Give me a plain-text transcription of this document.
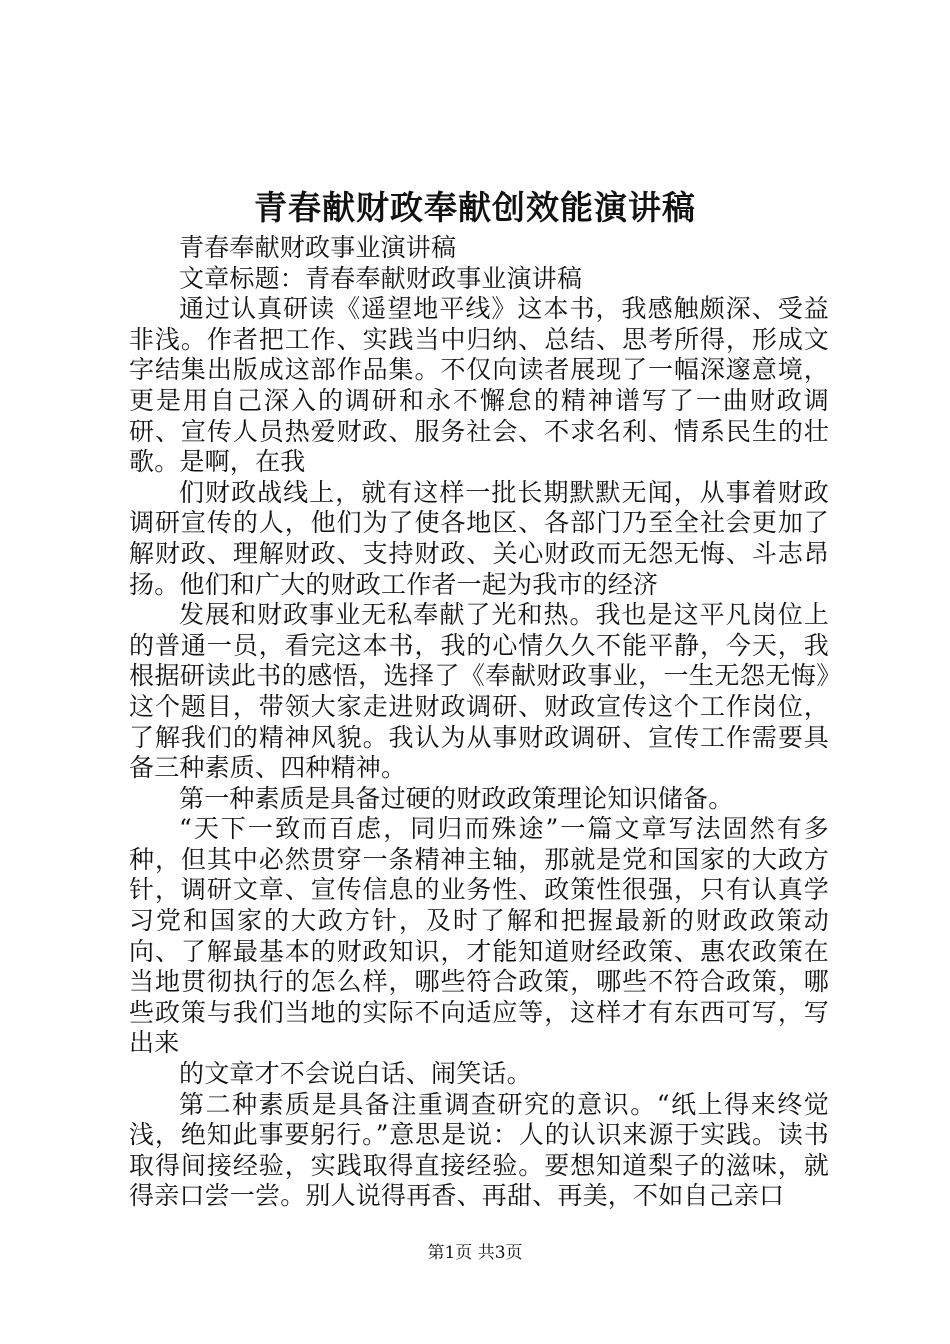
青春献财政奉献创效能演讲稿

青春奉献财政事业演讲稿

文章标题：青春奉献财政事业演讲稿

通过认真研读《遥望地平线》这本书，我感触颇深、受益非浅。作者把工作、实践当中归纳、总结、思考所得，形成文字结集出版成这部作品集。不仅向读者展现了一幅深邃意境，更是用自己深入的调研和永不懈怠的精神谱写了一曲财政调研、宣传人员热爱财政、服务社会、不求名利、情系民生的壮歌。是啊，在我

们财政战线上，就有这样一批长期默默无闻，从事着财政调研宣传的人，他们为了使各地区、各部门乃至全社会更加了解财政、理解财政、支持财政、关心财政而无怨无悔、斗志昂扬。他们和广大的财政工作者一起为我市的经济

发展和财政事业无私奉献了光和热。我也是这平凡岗位上的普通一员，看完这本书，我的心情久久不能平静，今天，我根据研读此书的感悟，选择了《奉献财政事业，一生无怨无悔》这个题目，带领大家走进财政调研、财政宣传这个工作岗位，了解我们的精神风貌。我认为从事财政调研、宣传工作需要具备三种素质、四种精神。

第一种素质是具备过硬的财政政策理论知识储备。

“天下一致而百虑，同归而殊途”一篇文章写法固然有多种，但其中必然贯穿一条精神主轴，那就是党和国家的大政方针，调研文章、宣传信息的业务性、政策性很强，只有认真学习党和国家的大政方针，及时了解和把握最新的财政政策动向、了解最基本的财政知识，才能知道财经政策、惠农政策在当地贯彻执行的怎么样，哪些符合政策，哪些不符合政策，哪些政策与我们当地的实际不向适应等，这样才有东西可写，写出来

的文章才不会说白话、闹笑话。

第二种素质是具备注重调查研究的意识。“纸上得来终觉浅，绝知此事要躬行。”意思是说：人的认识来源于实践。读书取得间接经验，实践取得直接经验。要想知道梨子的滋味，就得亲口尝一尝。别人说得再香、再甜、再美，不如自己亲口

第1页 共3页
